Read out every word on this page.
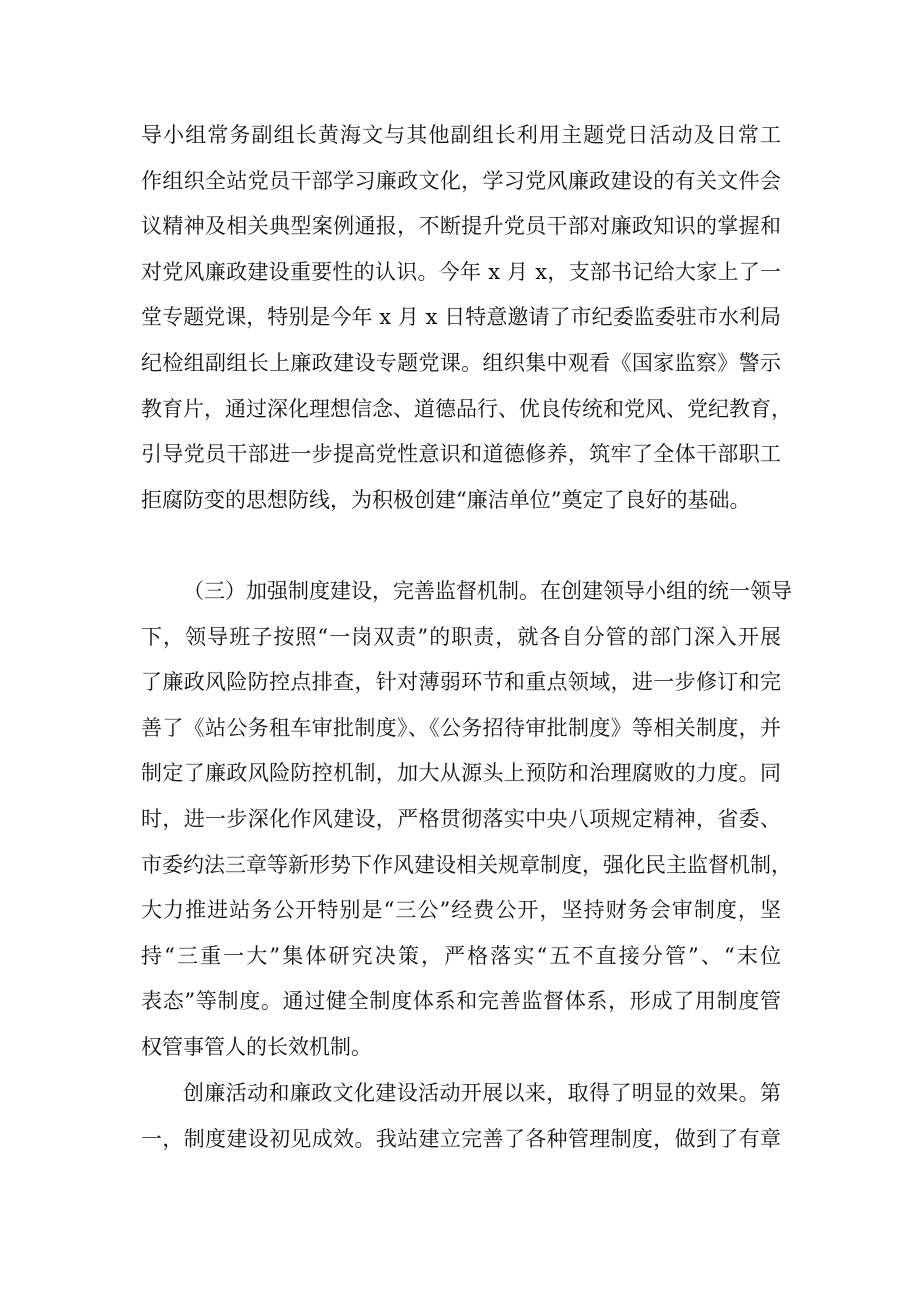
导小组常务副组长黄海文与其他副组长利用主题党日活动及日常工
作组织全站党员干部学习廉政文化，学习党风廉政建设的有关文件会
议精神及相关典型案例通报，不断提升党员干部对廉政知识的掌握和
对党风廉政建设重要性的认识。今年 x 月 x，支部书记给大家上了一
堂专题党课，特别是今年 x 月 x 日特意邀请了市纪委监委驻市水利局
纪检组副组长上廉政建设专题党课。组织集中观看《国家监察》警示
教育片，通过深化理想信念、道德品行、优良传统和党风、党纪教育，
引导党员干部进一步提高党性意识和道德修养，筑牢了全体干部职工
拒腐防变的思想防线，为积极创建“廉洁单位”奠定了良好的基础。
（三）加强制度建设，完善监督机制。在创建领导小组的统一领导
下，领导班子按照“一岗双责”的职责，就各自分管的部门深入开展
了廉政风险防控点排查，针对薄弱环节和重点领域，进一步修订和完
善了《站公务租车审批制度》、《公务招待审批制度》等相关制度，并
制定了廉政风险防控机制，加大从源头上预防和治理腐败的力度。同
时，进一步深化作风建设，严格贯彻落实中央八项规定精神，省委、
市委约法三章等新形势下作风建设相关规章制度，强化民主监督机制，
大力推进站务公开特别是“三公”经费公开，坚持财务会审制度，坚
持“三重一大”集体研究决策，严格落实“五不直接分管”、“末位
表态”等制度。通过健全制度体系和完善监督体系，形成了用制度管
权管事管人的长效机制。
创廉活动和廉政文化建设活动开展以来，取得了明显的效果。第
一，制度建设初见成效。我站建立完善了各种管理制度，做到了有章
